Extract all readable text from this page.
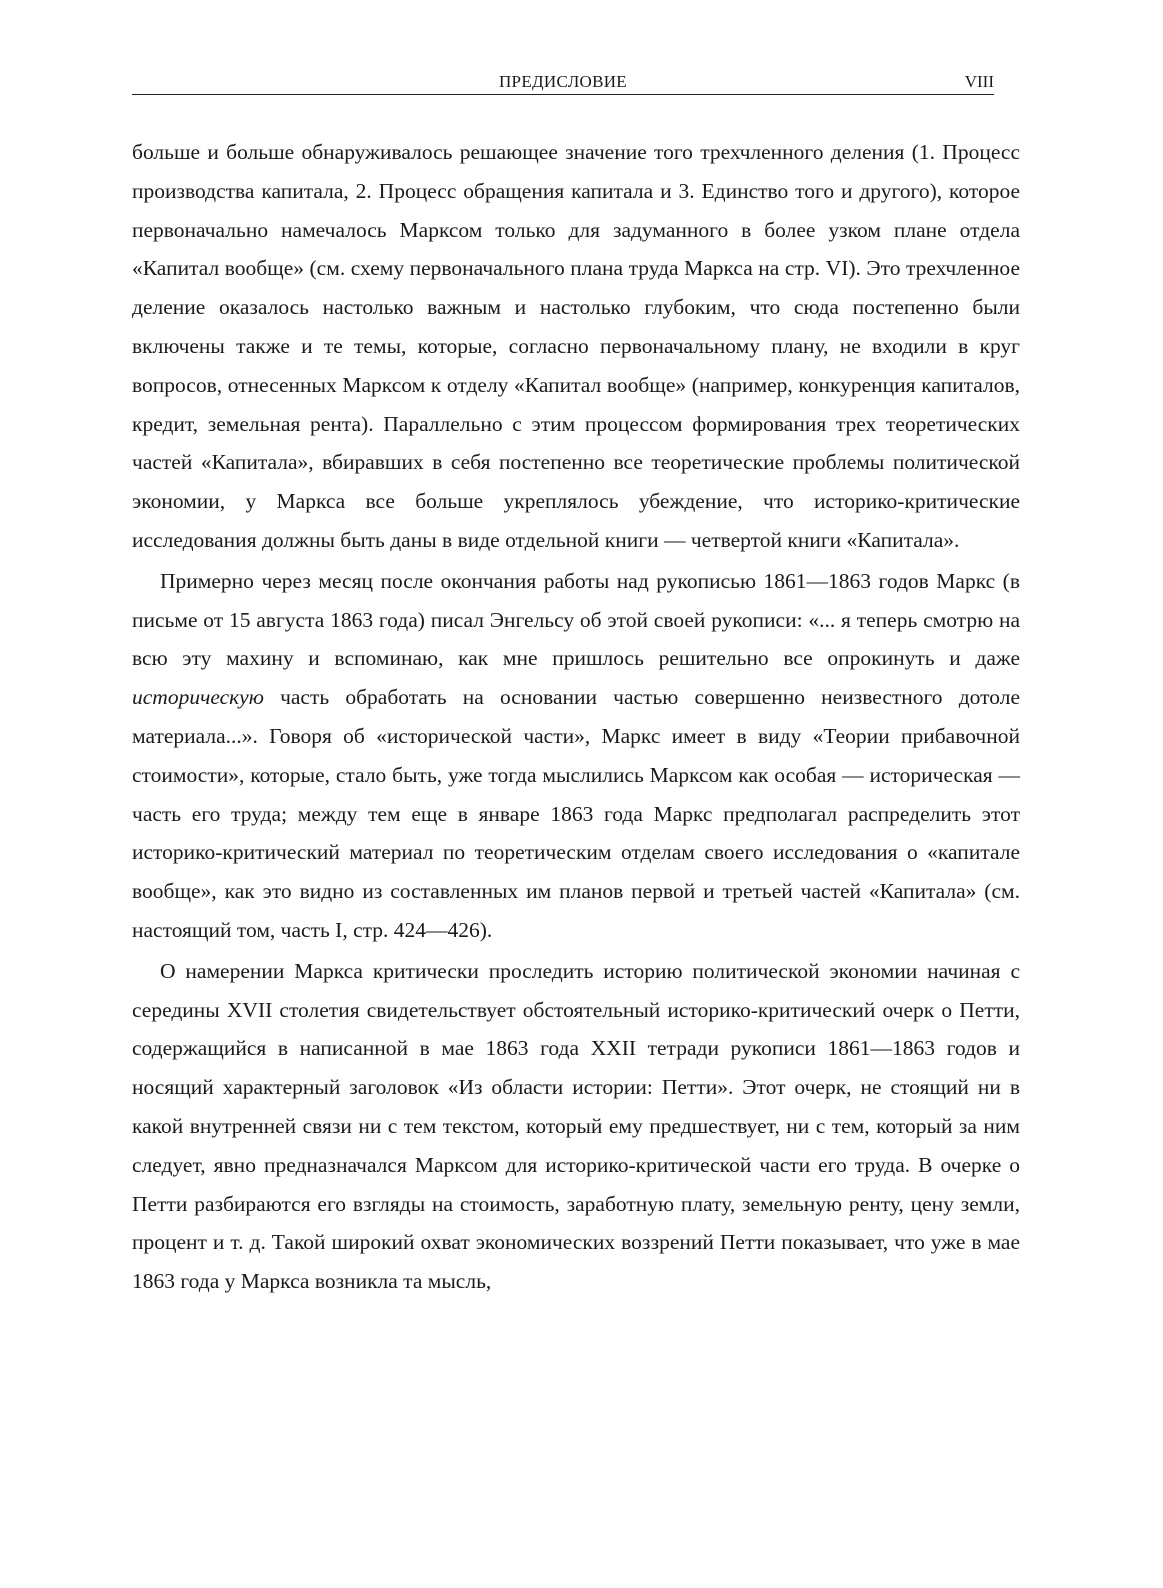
ПРЕДИСЛОВИЕ	VIII

больше и больше обнаруживалось решающее значение того трехчленного деления (1. Процесс производства капитала, 2. Процесс обращения капитала и 3. Единство того и другого), которое первоначально намечалось Марксом только для задуманного в более узком плане отдела «Капитал вообще» (см. схему первоначального плана труда Маркса на стр. VI). Это трехчленное деление оказалось настолько важным и настолько глубоким, что сюда постепенно были включены также и те темы, которые, согласно первоначальному плану, не входили в круг вопросов, отнесенных Марксом к отделу «Капитал вообще» (например, конкуренция капиталов, кредит, земельная рента). Параллельно с этим процессом формирования трех теоретических частей «Капитала», вбиравших в себя постепенно все теоретические проблемы политической экономии, у Маркса все больше укреплялось убеждение, что историко-критические исследования должны быть даны в виде отдельной книги — четвертой книги «Капитала».

Примерно через месяц после окончания работы над рукописью 1861—1863 годов Маркс (в письме от 15 августа 1863 года) писал Энгельсу об этой своей рукописи: «... я теперь смотрю на всю эту махину и вспоминаю, как мне пришлось решительно все опрокинуть и даже историческую часть обработать на основании частью совершенно неизвестного дотоле материала...». Говоря об «исторической части», Маркс имеет в виду «Теории прибавочной стоимости», которые, стало быть, уже тогда мыслились Марксом как особая — историческая — часть его труда; между тем еще в январе 1863 года Маркс предполагал распределить этот историко-критический материал по теоретическим отделам своего исследования о «капитале вообще», как это видно из составленных им планов первой и третьей частей «Капитала» (см. настоящий том, часть I, стр. 424—426).

О намерении Маркса критически проследить историю политической экономии начиная с середины XVII столетия свидетельствует обстоятельный историко-критический очерк о Петти, содержащийся в написанной в мае 1863 года XXII тетради рукописи 1861—1863 годов и носящий характерный заголовок «Из области истории: Петти». Этот очерк, не стоящий ни в какой внутренней связи ни с тем текстом, который ему предшествует, ни с тем, который за ним следует, явно предназначался Марксом для историко-критической части его труда. В очерке о Петти разбираются его взгляды на стоимость, заработную плату, земельную ренту, цену земли, процент и т. д. Такой широкий охват экономических воззрений Петти показывает, что уже в мае 1863 года у Маркса возникла та мысль,
